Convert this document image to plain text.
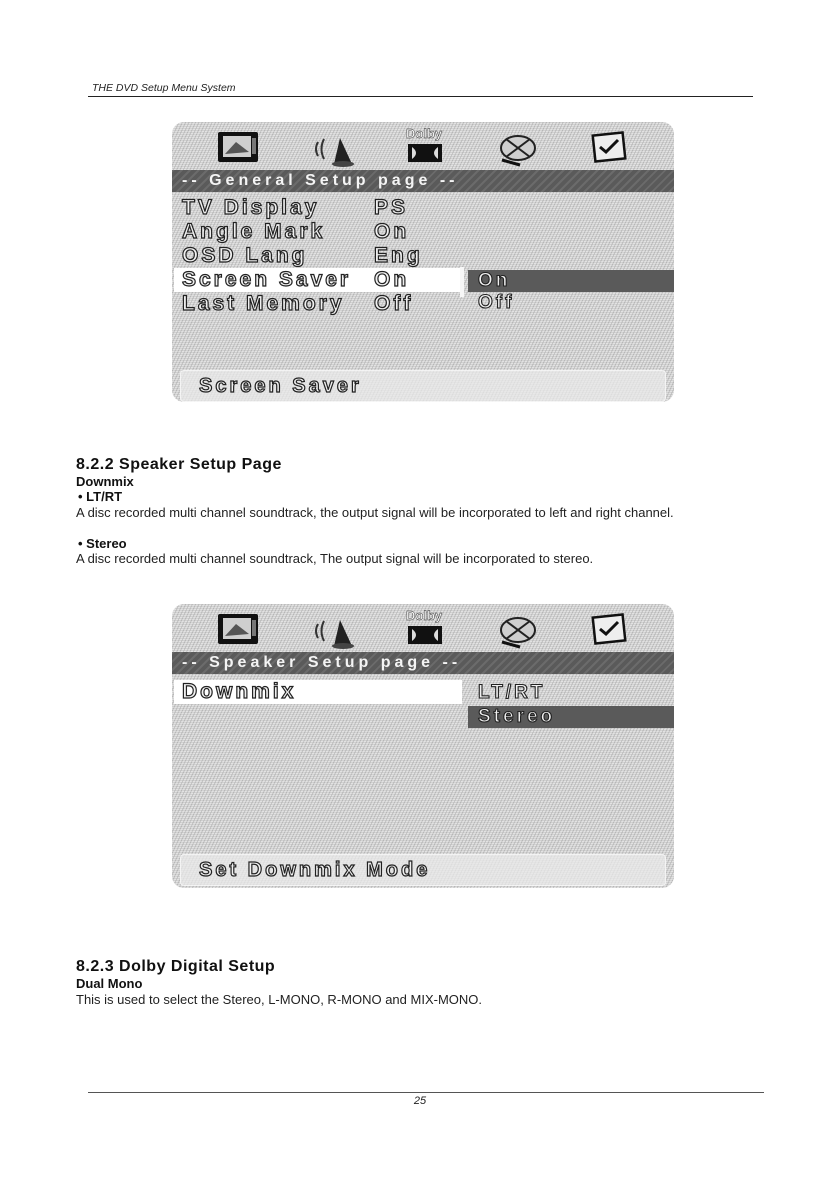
THE DVD Setup Menu System
Dolby
-- General Setup page --
TV Display	PS
Angle Mark On
OSD Lang	Eng
Screen Saver On
Last Memory Off
On
Off
Screen Saver
8.2.2 Speaker Setup Page
Downmix
• LT/RT
A disc recorded multi channel soundtrack, the output signal will be incorporated to left and right channel.
• Stereo
A disc recorded multi channel soundtrack, The output signal will be incorporated to stereo.
Dolby
-- Speaker Setup page --
Downmix	LT/RT
Stereo
Set Downmix Mode
8.2.3 Dolby Digital Setup
Dual Mono
This is used to select the Stereo, L-MONO, R-MONO and MIX-MONO.
25
